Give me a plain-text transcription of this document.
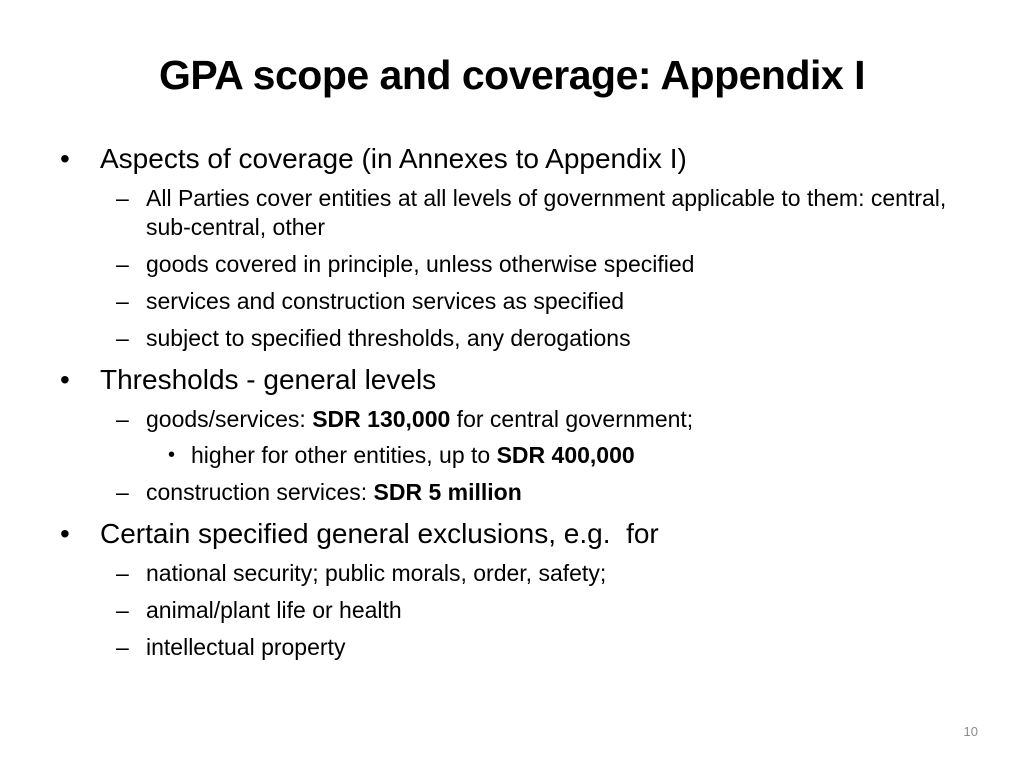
GPA scope and coverage: Appendix I
• Aspects of coverage (in Annexes to Appendix I)
– All Parties cover entities at all levels of government applicable to them: central, sub-central, other
– goods covered in principle, unless otherwise specified
– services and construction services as specified
– subject to specified thresholds, any derogations
• Thresholds - general levels
– goods/services: SDR 130,000 for central government;
• higher for other entities, up to SDR 400,000
– construction services: SDR 5 million
• Certain specified general exclusions, e.g.  for
– national security; public morals, order, safety;
– animal/plant life or health
– intellectual property
10
